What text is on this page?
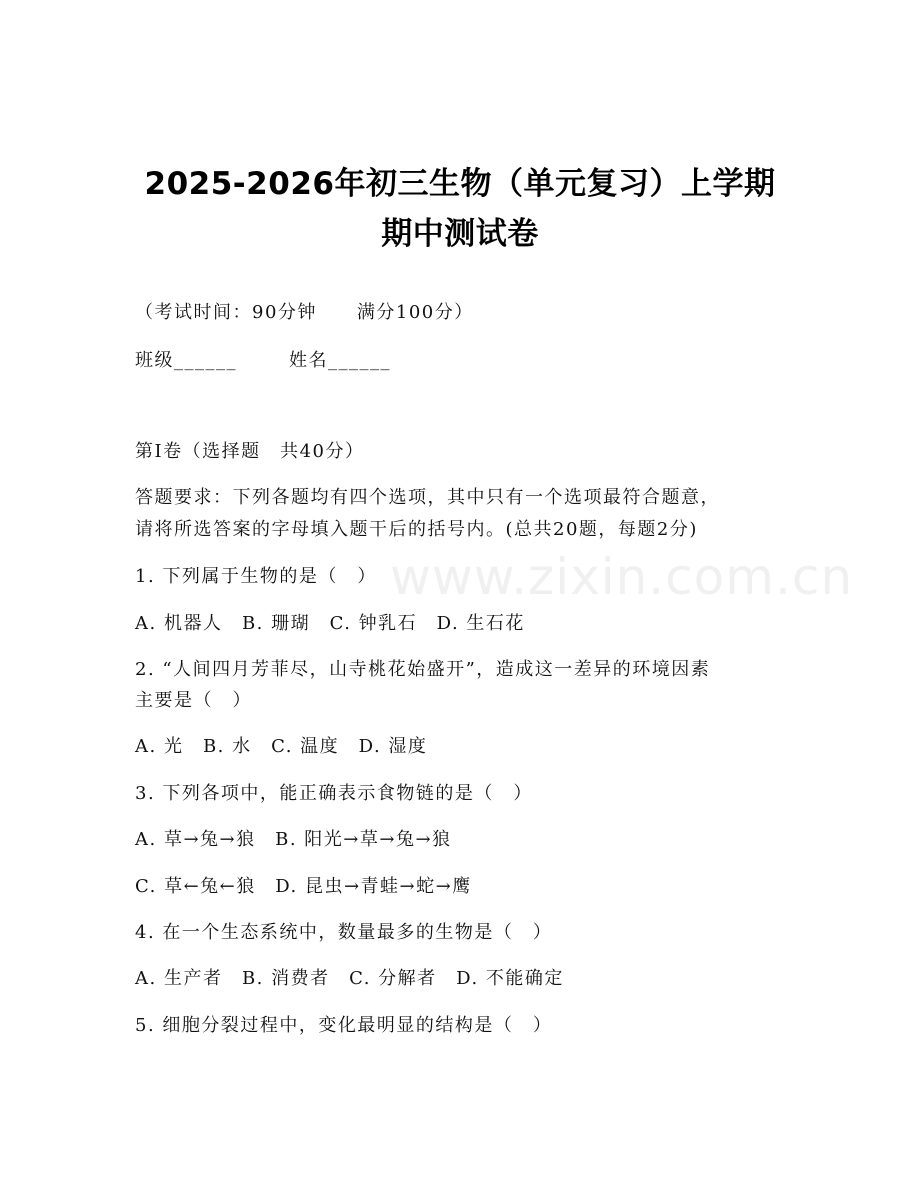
2025-2026年初三生物（单元复习）上学期
期中测试卷
（考试时间：90分钟 满分100分）
班级______	姓名______
第Ⅰ卷（选择题　共40分）
答题要求：下列各题均有四个选项，其中只有一个选项最符合题意，
请将所选答案的字母填入题干后的括号内。(总共20题，每题2分)
1. 下列属于生物的是（　）
A. 机器人　B. 珊瑚　C. 钟乳石　D. 生石花
2. “人间四月芳菲尽，山寺桃花始盛开”，造成这一差异的环境因素
主要是（　）
A. 光　B. 水　C. 温度　D. 湿度
3. 下列各项中，能正确表示食物链的是（　）
A. 草→兔→狼　B. 阳光→草→兔→狼
C. 草←兔←狼　D. 昆虫→青蛙→蛇→鹰
4. 在一个生态系统中，数量最多的生物是（　）
A. 生产者　B. 消费者　C. 分解者　D. 不能确定
5. 细胞分裂过程中，变化最明显的结构是（　）
www.zixin.com.cn
